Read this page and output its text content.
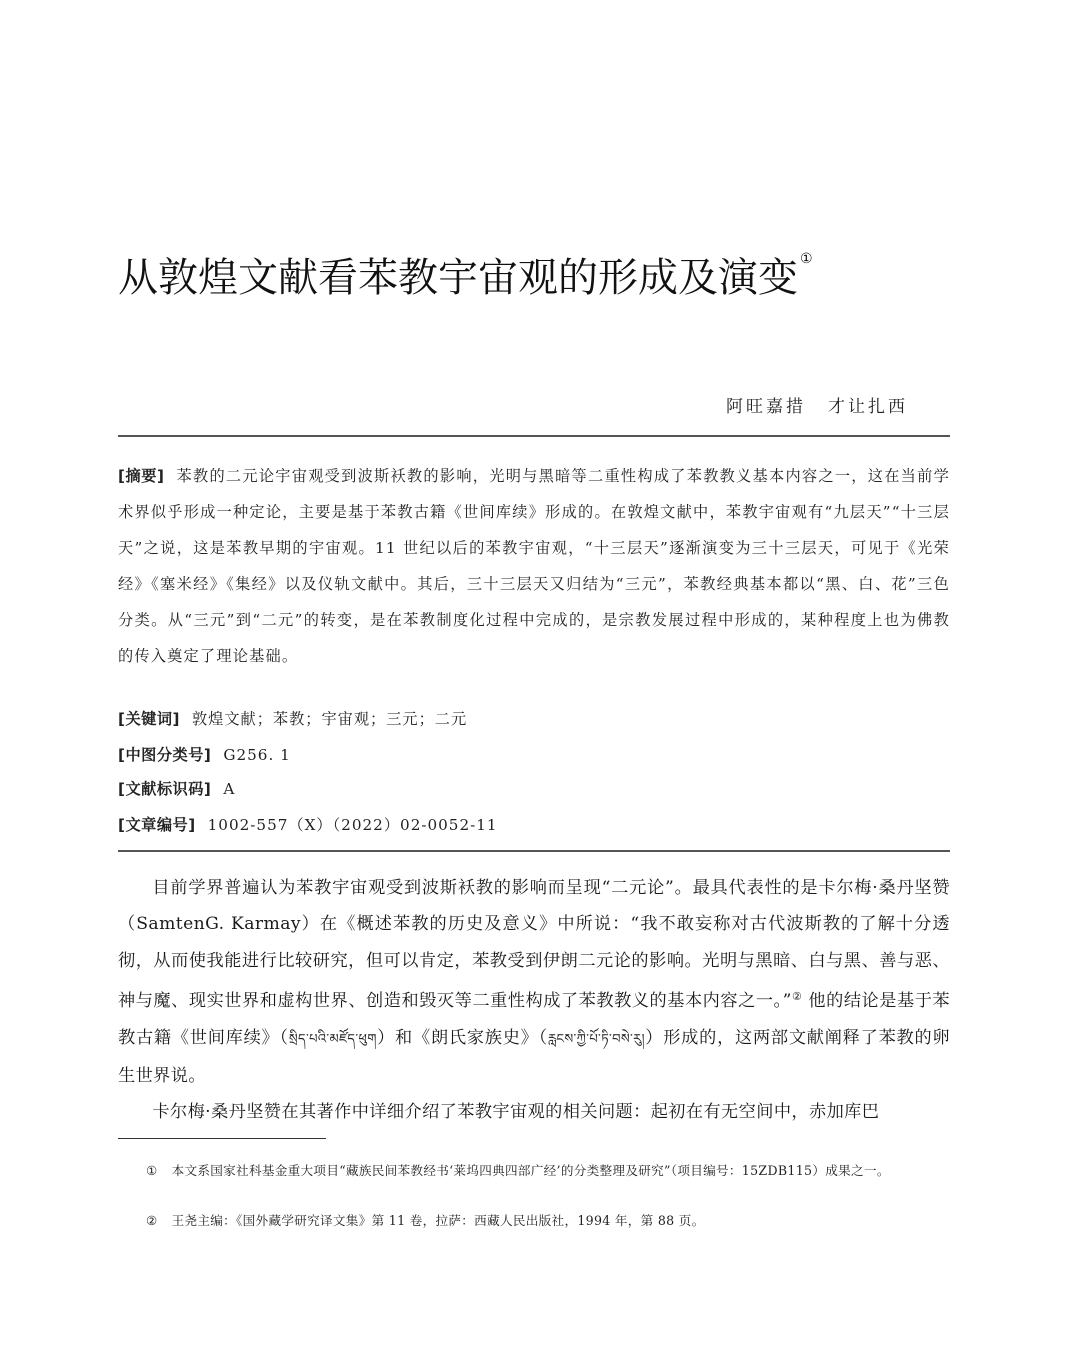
从敦煌文献看苯教宇宙观的形成及演变 ①
阿旺嘉措 才让扎西
[摘要] 苯教的二元论宇宙观受到波斯袄教的影响，光明与黑暗等二重性构成了苯教教义基本内容之一，这在当前学术界似乎形成一种定论，主要是基于苯教古籍《世间库续》形成的。在敦煌文献中，苯教宇宙观有“九层天”“十三层天”之说，这是苯教早期的宇宙观。11 世纪以后的苯教宇宙观，“十三层天”逐渐演变为三十三层天，可见于《光荣经》《塞米经》《集经》以及仪轨文献中。其后，三十三层天又归结为“三元”，苯教经典基本都以“黑、白、花”三色分类。从“三元”到“二元”的转变，是在苯教制度化过程中完成的，是宗教发展过程中形成的，某种程度上也为佛教的传入奠定了理论基础。
[关键词] 敦煌文献；苯教；宇宙观；三元；二元
[中图分类号] G256. 1
[文献标识码] A
[文章编号] 1002-557（X）（2022）02-0052-11

目前学界普遍认为苯教宇宙观受到波斯袄教的影响而呈现“二元论”。最具代表性的是卡尔梅·桑丹坚赞（SamtenG. Karmay）在《概述苯教的历史及意义》中所说：“我不敢妄称对古代波斯教的了解十分透彻，从而使我能进行比较研究，但可以肯定，苯教受到伊朗二元论的影响。光明与黑暗、白与黑、善与恶、神与魔、现实世界和虚构世界、创造和毁灭等二重性构成了苯教教义的基本内容之一。”② 他的结论是基于苯教古籍《世间库续》（སྲིད་པའི་མཛོད་ཕུག）和《朗氏家族史》（རླངས་ཀྱི་པོ་ཏི་བསེ་རུ།）形成的，这两部文献阐释了苯教的卵生世界说。

卡尔梅·桑丹坚赞在其著作中详细介绍了苯教宇宙观的相关问题：起初在有无空间中，赤加库巴

① 本文系国家社科基金重大项目“藏族民间苯教经书‘莱坞四典四部广经’的分类整理及研究”（项目编号：15ZDB115）成果之一。
② 王尧主编：《国外藏学研究译文集》第 11 卷，拉萨：西藏人民出版社，1994 年，第 88 页。
